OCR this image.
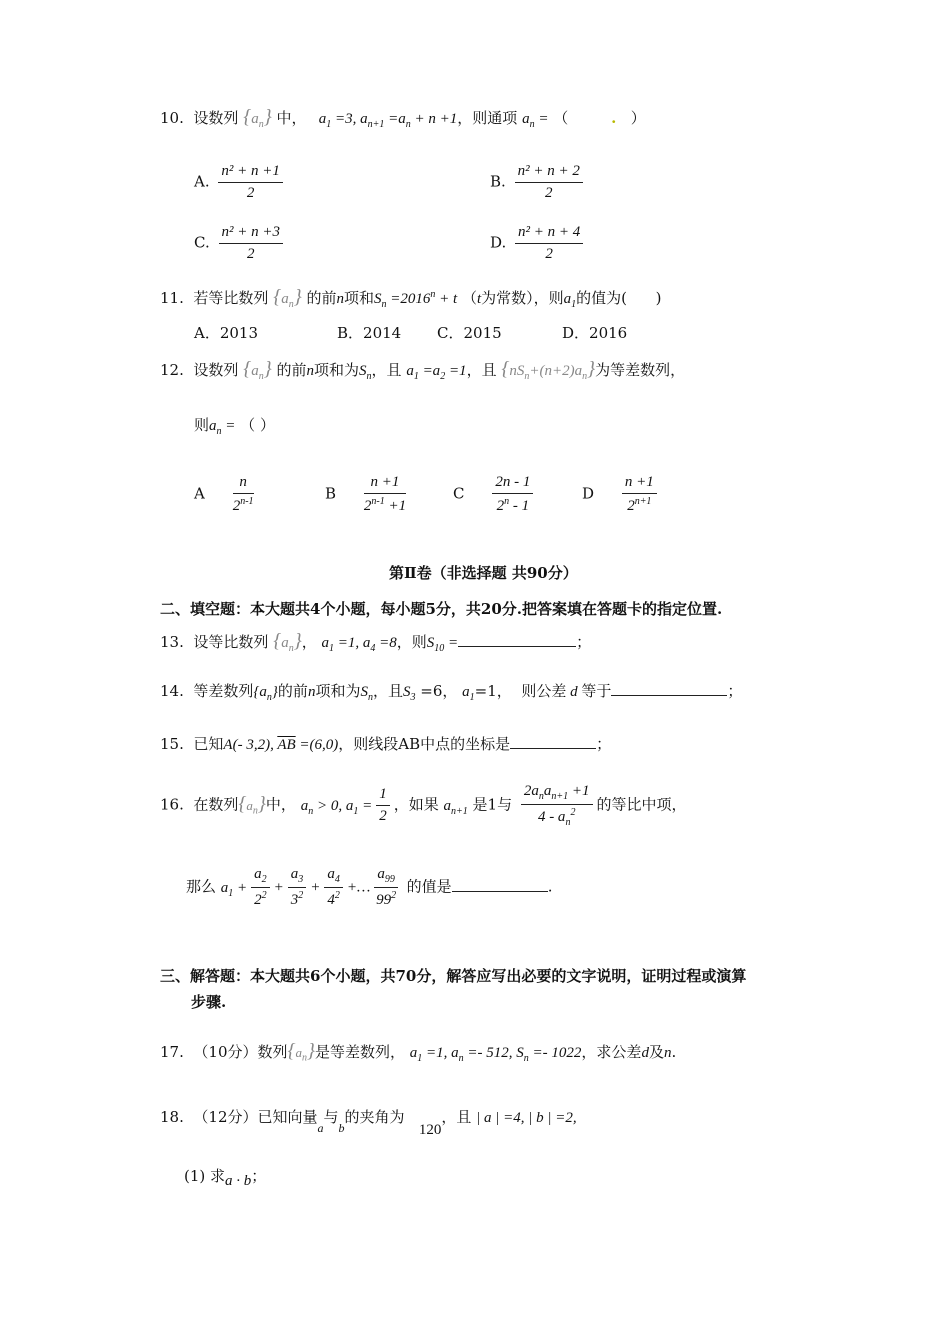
10. 设数列 $\{a_n\}$ 中，   $a_1 =3$, $a_{n+1} =a_n + n +1$，则通项 $a_n$ = （	. ）
A. $\frac{\text{n² + n +1}}{2}$	B. $\frac{\text{n² + n + 2}}{2}$
C. $\frac{\text{n² + n +3}}{2}$	D. $\frac{\text{n² + n + 4}}{2}$
11. 若等比数列 $\{a_n\}$ 的前n项和$S_n =2016^n + t$ （t为常数），则$a_1$的值为( )
A．2013	B．2014 C．2015	D．2016
12. 设数列 $\{a_n\}$ 的前n项和为$S_n$，且 $a_1 =a_2 =1$，且 $\{nS_n+(n+2)a_n\}$为等差数列，
则$a_n$ = （ ）
A $\frac{n}{2^{n-1}}$	B $\frac{n +1}{2^{n-1} +1}$	C $\frac{2n - 1}{2^n - 1}$	D $\frac{n +1}{2^{n+1}}$
第Ⅱ卷（非选择题 共90分）
二、填空题：本大题共4个小题，每小题5分，共20分.把答案填在答题卡的指定位置.
13. 设等比数列 $\{a_n\}$， $a_1 =1$, $a_4 =8$，则$S_{10}$ =	；
14. 等差数列$\{a_n\}$的前n项和为$S_n$，且$S_3 =6$， $a_1=1$， 则公差 d 等于	；
15. 已知A(- 3,2), $\overline{AB} =(6,0)$，则线段AB中点的坐标是	；
16. 在数列$\{a_n\}$中， $a_n > 0$, $a_1 = \frac{1}{2}$ ，如果 $a_{n+1}$ 是1与 $\frac{2a_na_{n+1} +1}{4 - a_n^2}$ 的等比中项，
那么 $a_1 + \frac{a_2}{2^2} + \frac{a_3}{3^2} + \frac{a_4}{4^2}$ +… $\frac{a_{99}}{99^2}$ 的值是	.
三、解答题：本大题共6个小题，共70分，解答应写出必要的文字说明，证明过程或演算
步骤.
17. （10分）数列$\{a_n\}$是等差数列， $a_1 =1$, $a_n =- 512$, $S_n =- 1022$，求公差d及n.
18. （12分）已知向量$_a$与$_b$的夹角为   120，且 | a | =4, | b | =2,
(1) 求a · b；
